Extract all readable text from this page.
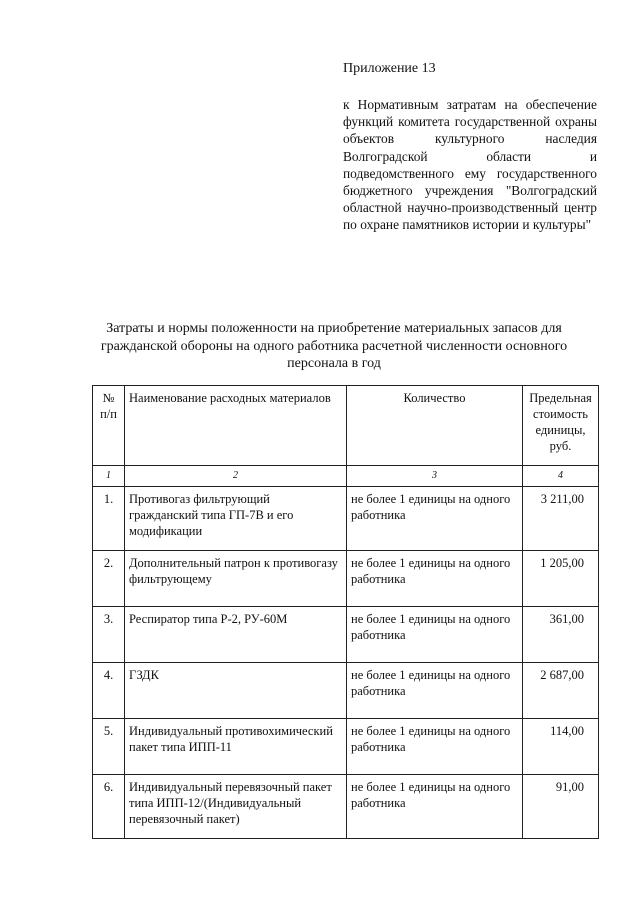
Приложение 13
к Нормативным затратам на обеспечение функций комитета государственной охраны объектов культурного наследия Волгоградской области и подведомственного ему государственного бюджетного учреждения "Волгоградский областной научно-производственный центр по охране памятников истории и культуры"
Затраты и нормы положенности на приобретение материальных запасов для гражданской обороны на одного работника расчетной численности основного персонала в год
№ п/п	Наименование расходных материалов	Количество	Предельная стоимость единицы, руб.
1	2	3	4
1.	Противогаз фильтрующий гражданский типа ГП-7В и его модификации	не более 1 единицы на одного работника	3 211,00
2.	Дополнительный патрон к противогазу фильтрующему	не более 1 единицы на одного работника	1 205,00
3.	Респиратор типа Р-2, РУ-60М	не более 1 единицы на одного работника	361,00
4.	ГЗДК	не более 1 единицы на одного работника	2 687,00
5.	Индивидуальный противохимический пакет типа ИПП-11	не более 1 единицы на одного работника	114,00
6.	Индивидуальный перевязочный пакет типа ИПП-12/(Индивидуальный перевязочный пакет)	не более 1 единицы на одного работника	91,00
